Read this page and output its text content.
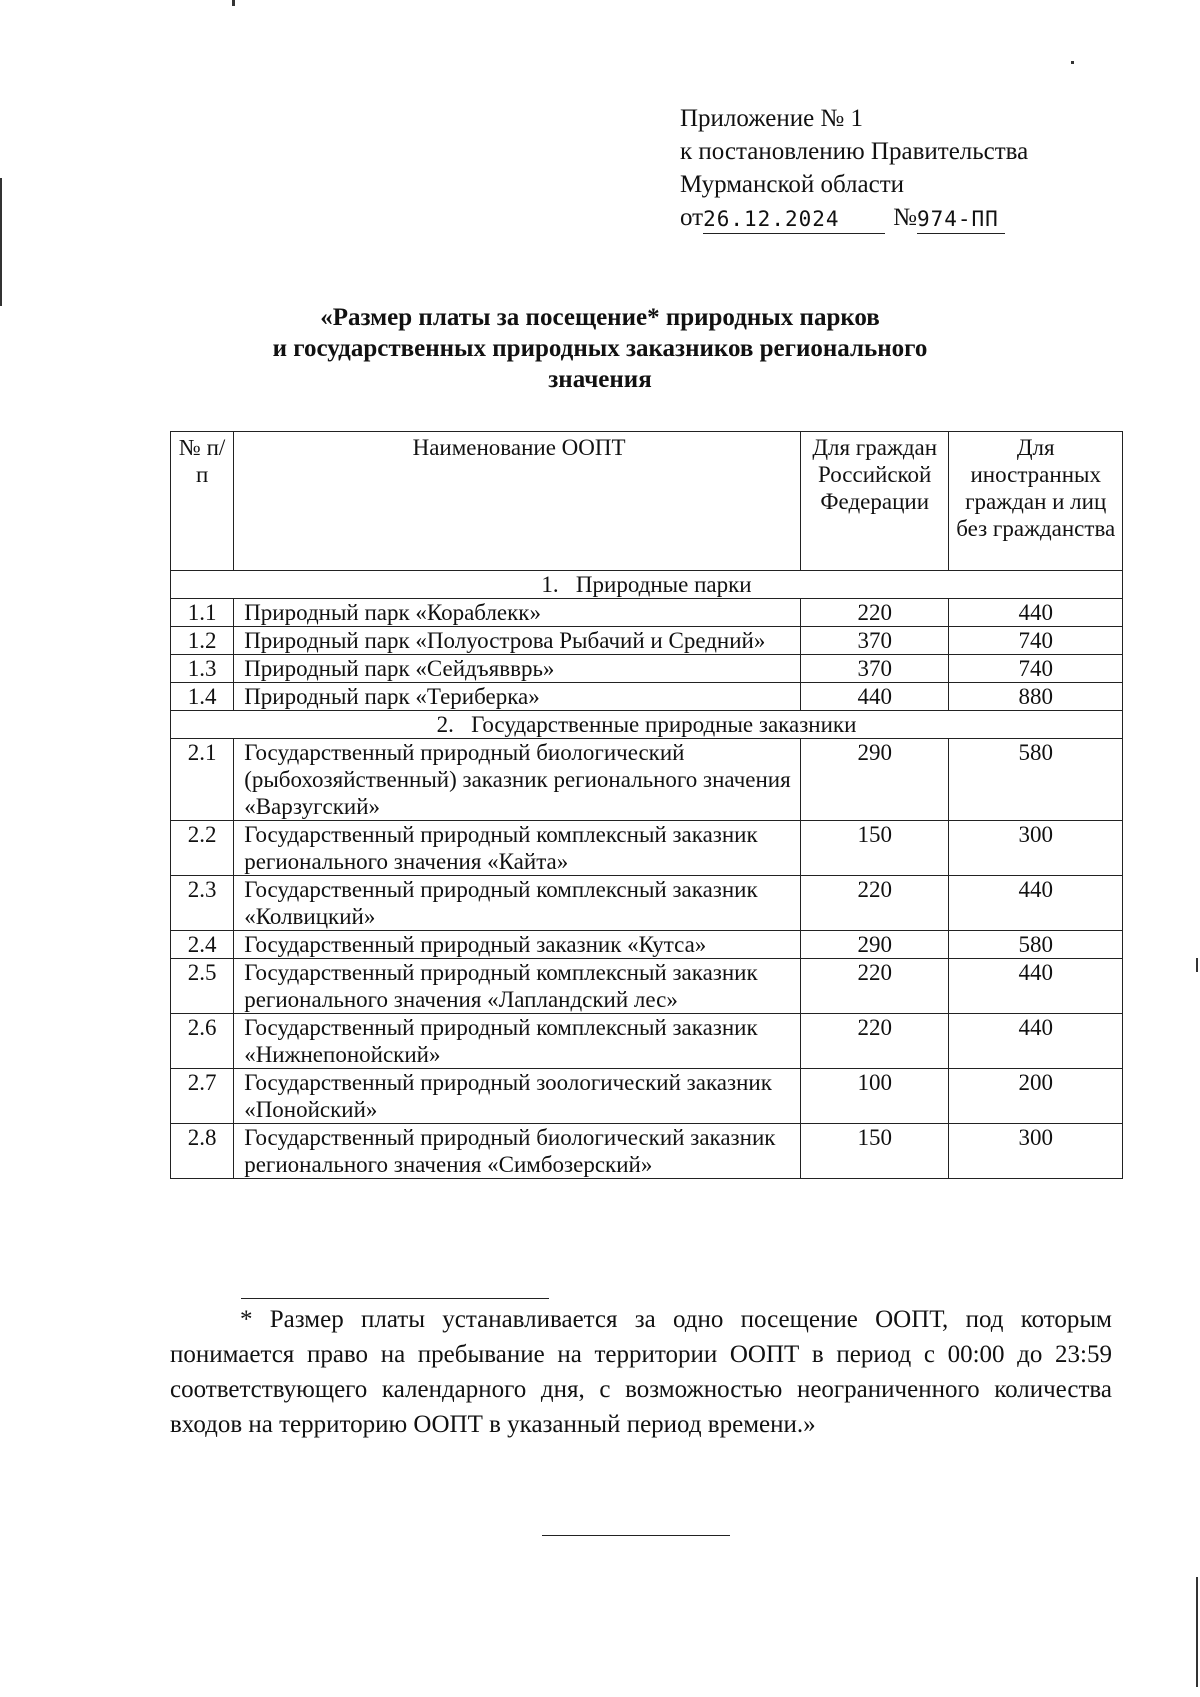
Приложение № 1
к постановлению Правительства
Мурманской области
от 26.12.2024	№ 974-ПП
«Размер платы за посещение* природных парков
и государственных природных заказников регионального
значения
№ п/п	Наименование ООПТ	Для граждан Российской Федерации	Для иностранных граждан и лиц без гражданства
1.   Природные парки			
1.1	Природный парк «Кораблекк»	220	440
1.2	Природный парк «Полуострова Рыбачий и Средний»	370	740
1.3	Природный парк «Сейдъявврь»	370	740
1.4	Природный парк «Териберка»	440	880
2.   Государственные природные заказники			
2.1	Государственный природный биологический (рыбохозяйственный) заказник регионального значения «Варзугский»	290	580
2.2	Государственный природный комплексный заказник регионального значения «Кайта»	150	300
2.3	Государственный природный комплексный заказник «Колвицкий»	220	440
2.4	Государственный природный заказник «Кутса»	290	580
2.5	Государственный природный комплексный заказник регионального значения «Лапландский лес»	220	440
2.6	Государственный природный комплексный заказник «Нижнепонойский»	220	440
2.7	Государственный природный зоологический заказник «Понойский»	100	200
2.8	Государственный природный биологический заказник регионального значения «Симбозерский»	150	300
* Размер платы устанавливается за одно посещение ООПТ, под которым понимается право на пребывание на территории ООПТ в период с 00:00 до 23:59 соответствующего календарного дня, с возможностью неограниченного количества входов на территорию ООПТ в указанный период времени.»
